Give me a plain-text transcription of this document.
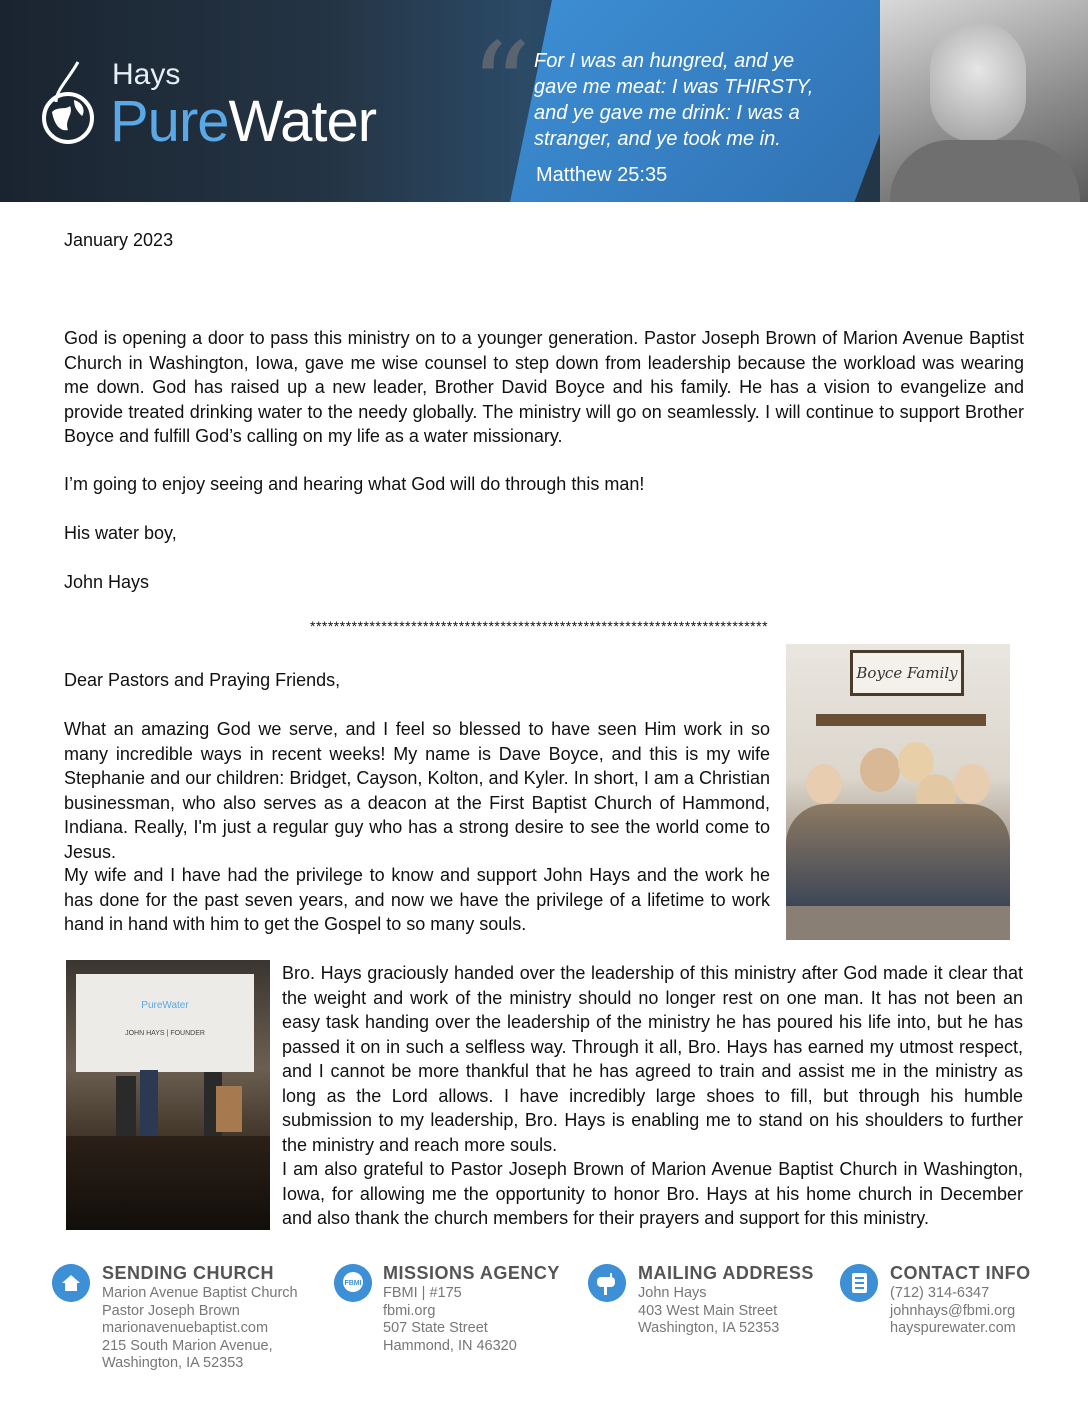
Hays
PureWater “ For I was an hungred, and ye
gave me meat: I was THIRSTY,
and ye gave me drink: I was a
stranger, and ye took me in.
Matthew 25:35
January 2023
God is opening a door to pass this ministry on to a younger generation. Pastor Joseph Brown of Marion Avenue Baptist Church in Washington, Iowa, gave me wise counsel to step down from leadership because the workload was wearing me down. God has raised up a new leader, Brother David Boyce and his family. He has a vision to evangelize and provide treated drinking water to the needy globally. The ministry will go on seamlessly. I will continue to support Brother Boyce and fulfill God’s calling on my life as a water missionary.
I’m going to enjoy seeing and hearing what God will do through this man!
His water boy,
John Hays
*****************************************************************************
Dear Pastors and Praying Friends,
What an amazing God we serve, and I feel so blessed to have seen Him work in so many incredible ways in recent weeks! My name is Dave Boyce, and this is my wife Stephanie and our children: Bridget, Cayson, Kolton, and Kyler. In short, I am a Christian businessman, who also serves as a deacon at the First Baptist Church of Hammond, Indiana. Really, I'm just a regular guy who has a strong desire to see the world come to Jesus.
My wife and I have had the privilege to know and support John Hays and the work he has done for the past seven years, and now we have the privilege of a lifetime to work hand in hand with him to get the Gospel to so many souls.
Boyce Family
PureWater
JOHN HAYS | FOUNDER
Bro. Hays graciously handed over the leadership of this ministry after God made it clear that the weight and work of the ministry should no longer rest on one man. It has not been an easy task handing over the leadership of the ministry he has poured his life into, but he has passed it on in such a selfless way. Through it all, Bro. Hays has earned my utmost respect, and I cannot be more thankful that he has agreed to train and assist me in the ministry as long as the Lord allows. I have incredibly large shoes to fill, but through his humble submission to my leadership, Bro. Hays is enabling me to stand on his shoulders to further the ministry and reach more souls.
I am also grateful to Pastor Joseph Brown of Marion Avenue Baptist Church in Washington, Iowa, for allowing me the opportunity to honor Bro. Hays at his home church in December and also thank the church members for their prayers and support for this ministry.
SENDING CHURCH
Marion Avenue Baptist Church
Pastor Joseph Brown
marionavenuebaptist.com
215 South Marion Avenue,
Washington, IA 52353
FBMI
MISSIONS AGENCY
FBMI | #175
fbmi.org
507 State Street
Hammond, IN 46320
MAILING ADDRESS
John Hays
403 West Main Street
Washington, IA 52353
CONTACT INFO
(712) 314-6347
johnhays@fbmi.org
hayspurewater.com
